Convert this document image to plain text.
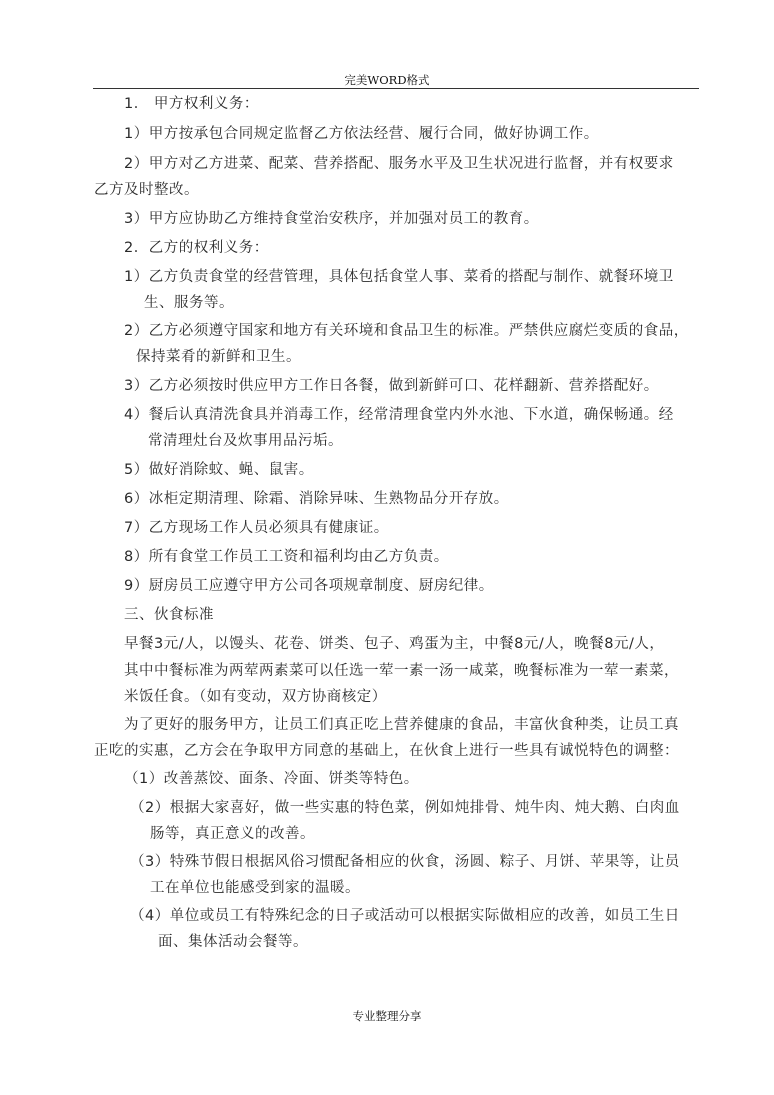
完美WORD格式
1． 甲方权利义务：
1）甲方按承包合同规定监督乙方依法经营、履行合同，做好协调工作。
2）甲方对乙方进菜、配菜、营养搭配、服务水平及卫生状况进行监督，并有权要求
乙方及时整改。
3）甲方应协助乙方维持食堂治安秩序，并加强对员工的教育。
2．乙方的权利义务：
1）乙方负责食堂的经营管理，具体包括食堂人事、菜肴的搭配与制作、就餐环境卫
生、服务等。
2）乙方必须遵守国家和地方有关环境和食品卫生的标准。严禁供应腐烂变质的食品，
保持菜肴的新鲜和卫生。
3）乙方必须按时供应甲方工作日各餐，做到新鲜可口、花样翻新、营养搭配好。
4）餐后认真清洗食具并消毒工作，经常清理食堂内外水池、下水道，确保畅通。经
常清理灶台及炊事用品污垢。
5）做好消除蚊、蝇、鼠害。
6）冰柜定期清理、除霜、消除异味、生熟物品分开存放。
7）乙方现场工作人员必须具有健康证。
8）所有食堂工作员工工资和福利均由乙方负责。
9）厨房员工应遵守甲方公司各项规章制度、厨房纪律。
三、伙食标准
早餐3元/人，以馒头、花卷、饼类、包子、鸡蛋为主，中餐8元/人，晚餐8元/人，
其中中餐标准为两荤两素菜可以任选一荤一素一汤一咸菜，晚餐标准为一荤一素菜，
米饭任食。（如有变动，双方协商核定）
为了更好的服务甲方，让员工们真正吃上营养健康的食品，丰富伙食种类，让员工真
正吃的实惠，乙方会在争取甲方同意的基础上，在伙食上进行一些具有诚悦特色的调整：
（1）改善蒸饺、面条、冷面、饼类等特色。
（2）根据大家喜好，做一些实惠的特色菜，例如炖排骨、炖牛肉、炖大鹅、白肉血
肠等，真正意义的改善。
（3）特殊节假日根据风俗习惯配备相应的伙食，汤圆、粽子、月饼、苹果等，让员
工在单位也能感受到家的温暖。
（4）单位或员工有特殊纪念的日子或活动可以根据实际做相应的改善，如员工生日
面、集体活动会餐等。
专业整理分享
